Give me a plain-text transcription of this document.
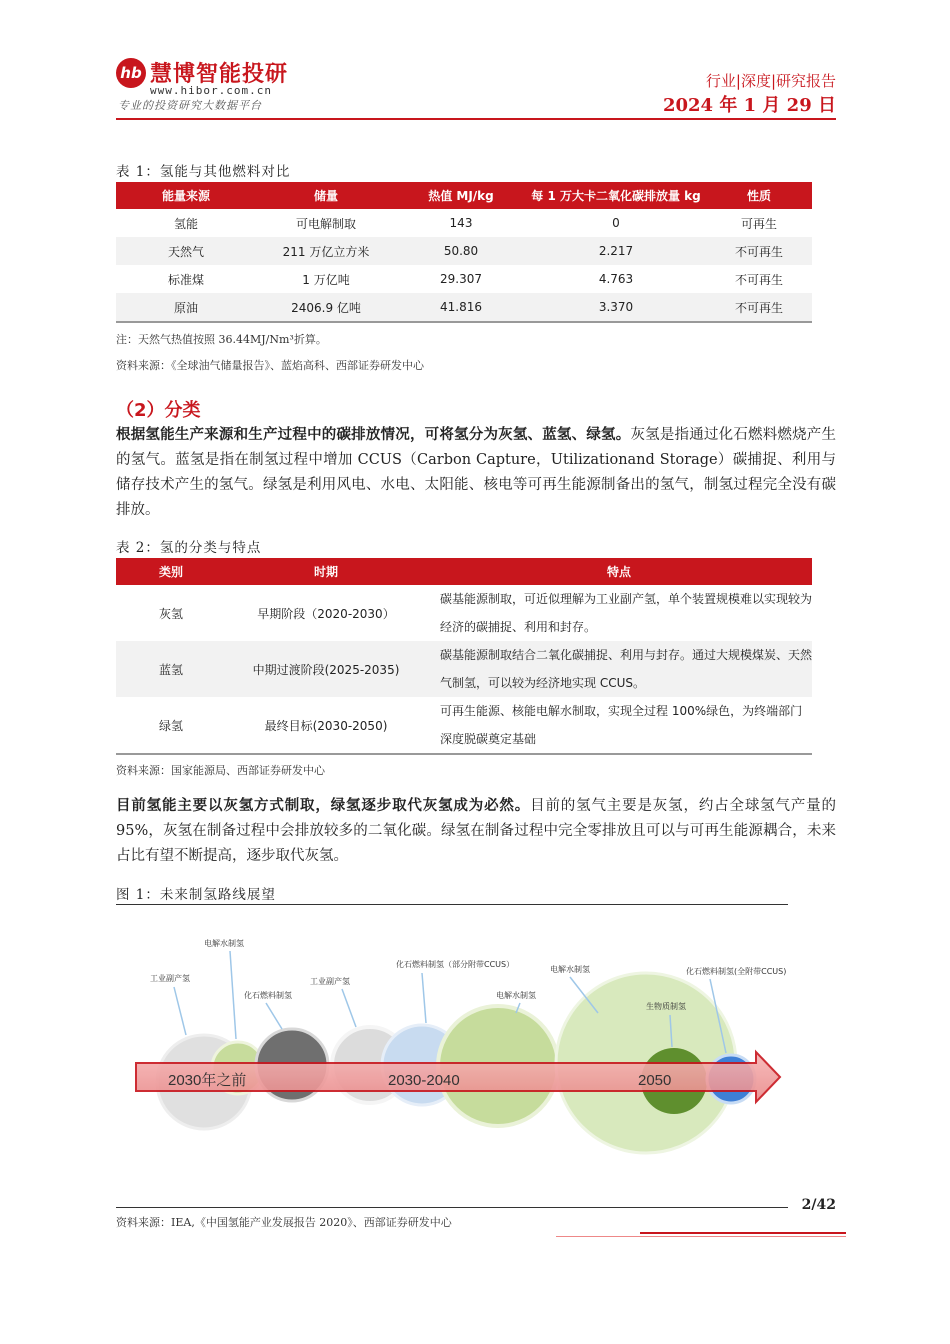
hb 慧博智能投研
www.hibor.com.cn
专业的投资研究大数据平台
行业|深度|研究报告
2024 年 1 月 29 日
表 1：氢能与其他燃料对比
能量来源	储量	热值 MJ/kg	每 1 万大卡二氧化碳排放量 kg	性质
氢能	可电解制取	143	0	可再生
天然气	211 万亿立方米	50.80	2.217	不可再生
标准煤	1 万亿吨	29.307	4.763	不可再生
原油	2406.9 亿吨	41.816	3.370	不可再生
注：天然气热值按照 36.44MJ/Nm³折算。
资料来源：《全球油气储量报告》、蓝焰高科、西部证券研发中心
（2）分类
根据氢能生产来源和生产过程中的碳排放情况，可将氢分为灰氢、蓝氢、绿氢。灰氢是指通过化石燃料燃烧产生的氢气。蓝氢是指在制氢过程中增加 CCUS（Carbon Capture，Utilizationand Storage）碳捕捉、利用与储存技术产生的氢气。绿氢是利用风电、水电、太阳能、核电等可再生能源制备出的氢气，制氢过程完全没有碳排放。
表 2：氢的分类与特点
类别	时期	特点
灰氢	早期阶段（2020-2030）	碳基能源制取，可近似理解为工业副产氢，单个装置规模难以实现较为经济的碳捕捉、利用和封存。
蓝氢	中期过渡阶段(2025-2035)	碳基能源制取结合二氧化碳捕捉、利用与封存。通过大规模煤炭、天然气制氢，可以较为经济地实现 CCUS。
绿氢	最终目标(2030-2050)	可再生能源、核能电解水制取，实现全过程 100%绿色，为终端部门深度脱碳奠定基础
资料来源：国家能源局、西部证券研发中心
目前氢能主要以灰氢方式制取，绿氢逐步取代灰氢成为必然。目前的氢气主要是灰氢，约占全球氢气产量的 95%，灰氢在制备过程中会排放较多的二氧化碳。绿氢在制备过程中完全零排放且可以与可再生能源耦合，未来占比有望不断提高，逐步取代灰氢。
图 1：未来制氢路线展望
2030年之前	2030-2040	2050
电解水制氢
工业副产氢
化石燃料制氢
工业副产氢
化石燃料制氢（部分附带CCUS）
电解水制氢
电解水制氢	化石燃料制氢(全附带CCUS)
生物质制氢
2/42
资料来源：IEA,《中国氢能产业发展报告 2020》、西部证券研发中心
